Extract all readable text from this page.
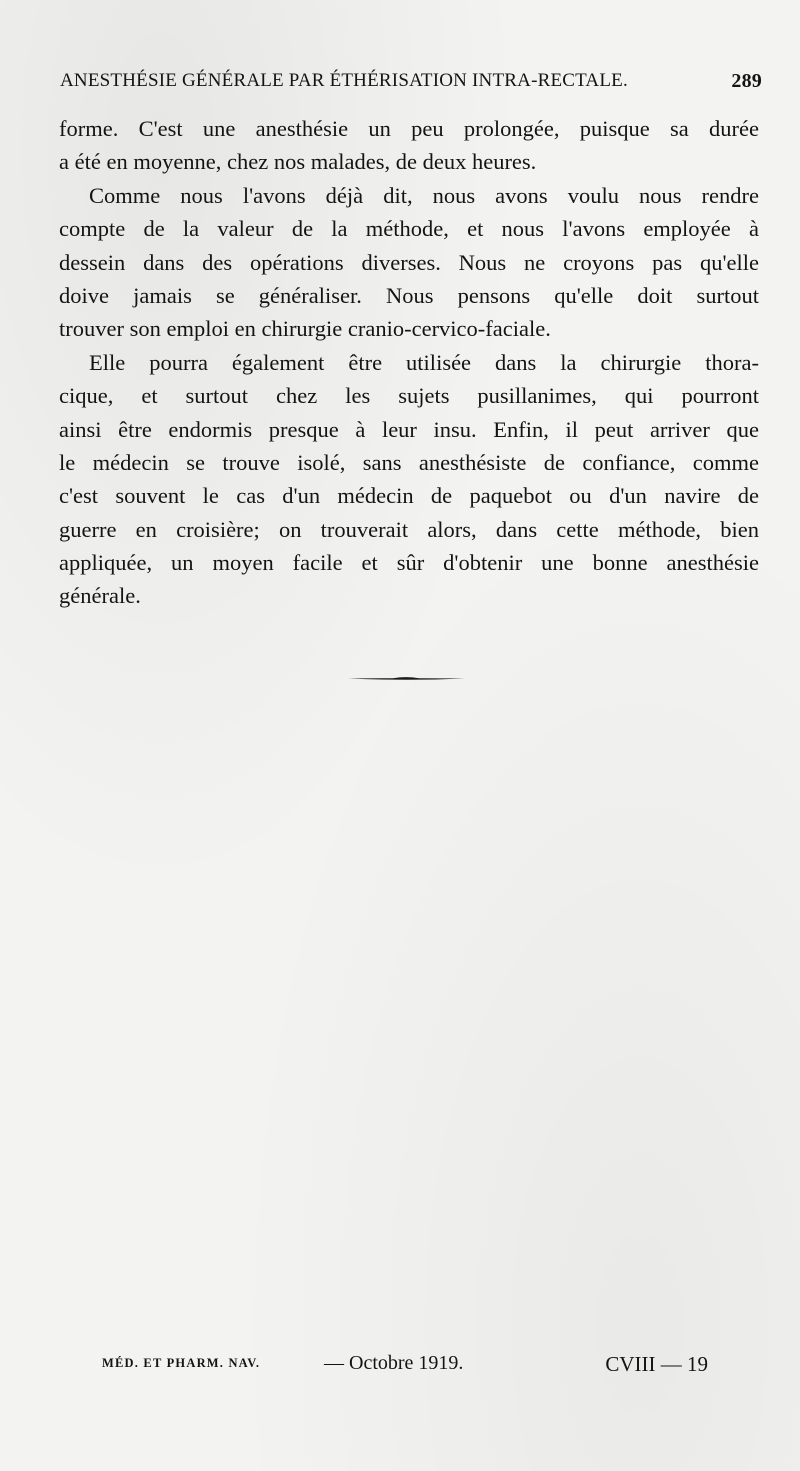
ANESTHÉSIE GÉNÉRALE PAR ÉTHÉRISATION INTRA-RECTALE.	289
forme. C'est une anesthésie un peu prolongée, puisque sa durée
a été en moyenne, chez nos malades, de deux heures.
Comme nous l'avons déjà dit, nous avons voulu nous rendre
compte de la valeur de la méthode, et nous l'avons employée à
dessein dans des opérations diverses. Nous ne croyons pas qu'elle
doive jamais se généraliser. Nous pensons qu'elle doit surtout
trouver son emploi en chirurgie cranio-cervico-faciale.
Elle pourra également être utilisée dans la chirurgie thora-
cique, et surtout chez les sujets pusillanimes, qui pourront
ainsi être endormis presque à leur insu. Enfin, il peut arriver que
le médecin se trouve isolé, sans anesthésiste de confiance, comme
c'est souvent le cas d'un médecin de paquebot ou d'un navire de
guerre en croisière; on trouverait alors, dans cette méthode, bien
appliquée, un moyen facile et sûr d'obtenir une bonne anesthésie
générale.
MÉD. ET PHARM. NAV.	— Octobre 1919.	CVIII — 19
